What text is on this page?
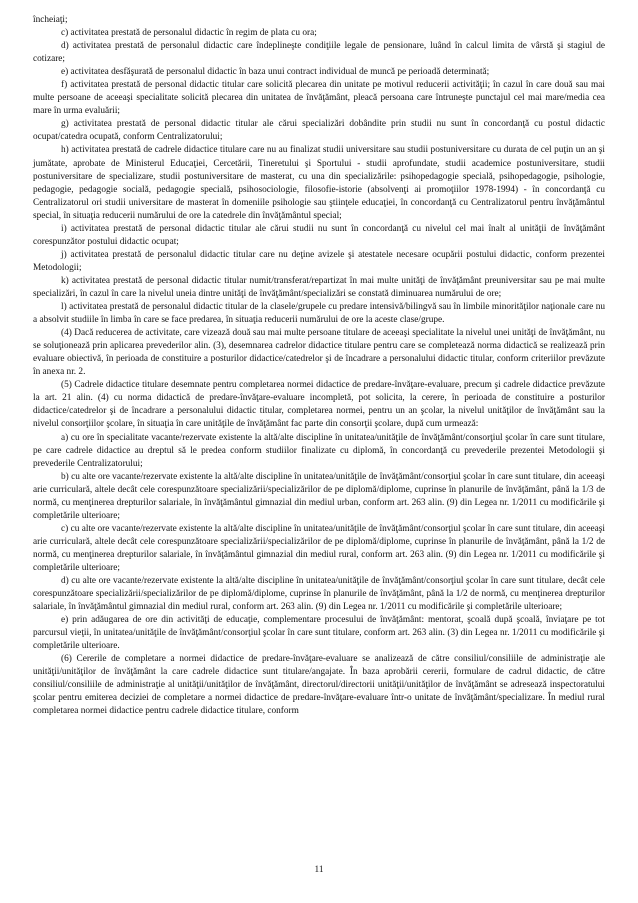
încheiaţi;

c) activitatea prestată de personalul didactic în regim de plata cu ora;

d) activitatea prestată de personalul didactic care îndeplineşte condiţiile legale de pensionare, luând în calcul limita de vârstă şi stagiul de cotizare;

e) activitatea desfăşurată de personalul didactic în baza unui contract individual de muncă pe perioadă determinată;

f) activitatea prestată de personal didactic titular care solicită plecarea din unitate pe motivul reducerii activităţii; în cazul în care două sau mai multe persoane de aceeaşi specialitate solicită plecarea din unitatea de învăţământ, pleacă persoana care întruneşte punctajul cel mai mare/media cea mare în urma evaluării;

g) activitatea prestată de personal didactic titular ale cărui specializări dobândite prin studii nu sunt în concordanţă cu postul didactic ocupat/catedra ocupată, conform Centralizatorului;

h) activitatea prestată de cadrele didactice titulare care nu au finalizat studii universitare sau studii postuniversitare cu durata de cel puţin un an şi jumătate, aprobate de Ministerul Educaţiei, Cercetării, Tineretului şi Sportului - studii aprofundate, studii academice postuniversitare, studii postuniversitare de specializare, studii postuniversitare de masterat, cu una din specializările: psihopedagogie specială, psihopedagogie, psihologie, pedagogie, pedagogie socială, pedagogie specială, psihosociologie, filosofie-istorie (absolvenţi ai promoţiilor 1978-1994) - în concordanţă cu Centralizatorul ori studii universitare de masterat în domeniile psihologie sau ştiinţele educaţiei, în concordanţă cu Centralizatorul pentru învăţământul special, în situaţia reducerii numărului de ore la catedrele din învăţământul special;

i) activitatea prestată de personal didactic titular ale cărui studii nu sunt în concordanţă cu nivelul cel mai înalt al unităţii de învăţământ corespunzător postului didactic ocupat;

j) activitatea prestată de personalul didactic titular care nu deţine avizele şi atestatele necesare ocupării postului didactic, conform prezentei Metodologii;

k) activitatea prestată de personal didactic titular numit/transferat/repartizat în mai multe unităţi de învăţământ preuniversitar sau pe mai multe specializări, în cazul în care la nivelul uneia dintre unităţi de învăţământ/specializări se constată diminuarea numărului de ore;

l) activitatea prestată de personalul didactic titular de la clasele/grupele cu predare intensivă/bilingvă sau în limbile minorităţilor naţionale care nu a absolvit studiile în limba în care se face predarea, în situaţia reducerii numărului de ore la aceste clase/grupe.

(4) Dacă reducerea de activitate, care vizează două sau mai multe persoane titulare de aceeaşi specialitate la nivelul unei unităţi de învăţământ, nu se soluţionează prin aplicarea prevederilor alin. (3), desemnarea cadrelor didactice titulare pentru care se completează norma didactică se realizează prin evaluare obiectivă, în perioada de constituire a posturilor didactice/catedrelor şi de încadrare a personalului didactic titular, conform criteriilor prevăzute în anexa nr. 2.

(5) Cadrele didactice titulare desemnate pentru completarea normei didactice de predare-învăţare-evaluare, precum şi cadrele didactice prevăzute la art. 21 alin. (4) cu norma didactică de predare-învăţare-evaluare incompletă, pot solicita, la cerere, în perioada de constituire a posturilor didactice/catedrelor şi de încadrare a personalului didactic titular, completarea normei, pentru un an şcolar, la nivelul unităţilor de învăţământ sau la nivelul consorţiilor şcolare, în situaţia în care unităţile de învăţământ fac parte din consorţii şcolare, după cum urmează:

a) cu ore în specialitate vacante/rezervate existente la altă/alte discipline în unitatea/unităţile de învăţământ/consorţiul şcolar în care sunt titulare, pe care cadrele didactice au dreptul să le predea conform studiilor finalizate cu diplomă, în concordanţă cu prevederile prezentei Metodologii şi prevederile Centralizatorului;

b) cu alte ore vacante/rezervate existente la altă/alte discipline în unitatea/unităţile de învăţământ/consorţiul şcolar în care sunt titulare, din aceeaşi arie curriculară, altele decât cele corespunzătoare specializării/specializărilor de pe diplomă/diplome, cuprinse în planurile de învăţământ, până la 1/3 de normă, cu menţinerea drepturilor salariale, în învăţământul gimnazial din mediul urban, conform art. 263 alin. (9) din Legea nr. 1/2011 cu modificările şi completările ulterioare;

c) cu alte ore vacante/rezervate existente la altă/alte discipline în unitatea/unităţile de învăţământ/consorţiul şcolar în care sunt titulare, din aceeaşi arie curriculară, altele decât cele corespunzătoare specializării/specializărilor de pe diplomă/diplome, cuprinse în planurile de învăţământ, până la 1/2 de normă, cu menţinerea drepturilor salariale, în învăţământul gimnazial din mediul rural, conform art. 263 alin. (9) din Legea nr. 1/2011 cu modificările şi completările ulterioare;

d) cu alte ore vacante/rezervate existente la altă/alte discipline în unitatea/unităţile de învăţământ/consorţiul şcolar în care sunt titulare, decât cele corespunzătoare specializării/specializărilor de pe diplomă/diplome, cuprinse în planurile de învăţământ, până la 1/2 de normă, cu menţinerea drepturilor salariale, în învăţământul gimnazial din mediul rural, conform art. 263 alin. (9) din Legea nr. 1/2011 cu modificările şi completările ulterioare;

e) prin adăugarea de ore din activităţi de educaţie, complementare procesului de învăţământ: mentorat, şcoală după şcoală, înviaţare pe tot parcursul vieţii, în unitatea/unităţile de învăţământ/consorţiul şcolar în care sunt titulare, conform art. 263 alin. (3) din Legea nr. 1/2011 cu modificările şi completările ulterioare.

(6) Cererile de completare a normei didactice de predare-învăţare-evaluare se analizează de către consiliul/consiliile de administraţie ale unităţii/unităţilor de învăţământ la care cadrele didactice sunt titulare/angajate. În baza aprobării cererii, formulare de cadrul didactic, de către consiliul/consiliile de administraţie al unităţii/unităţilor de învăţământ, directorul/directorii unităţii/unităţilor de învăţământ se adresează inspectoratului şcolar pentru emiterea deciziei de completare a normei didactice de predare-învăţare-evaluare într-o unitate de învăţământ/specializare. În mediul rural completarea normei didactice pentru cadrele didactice titulare, conform

11
